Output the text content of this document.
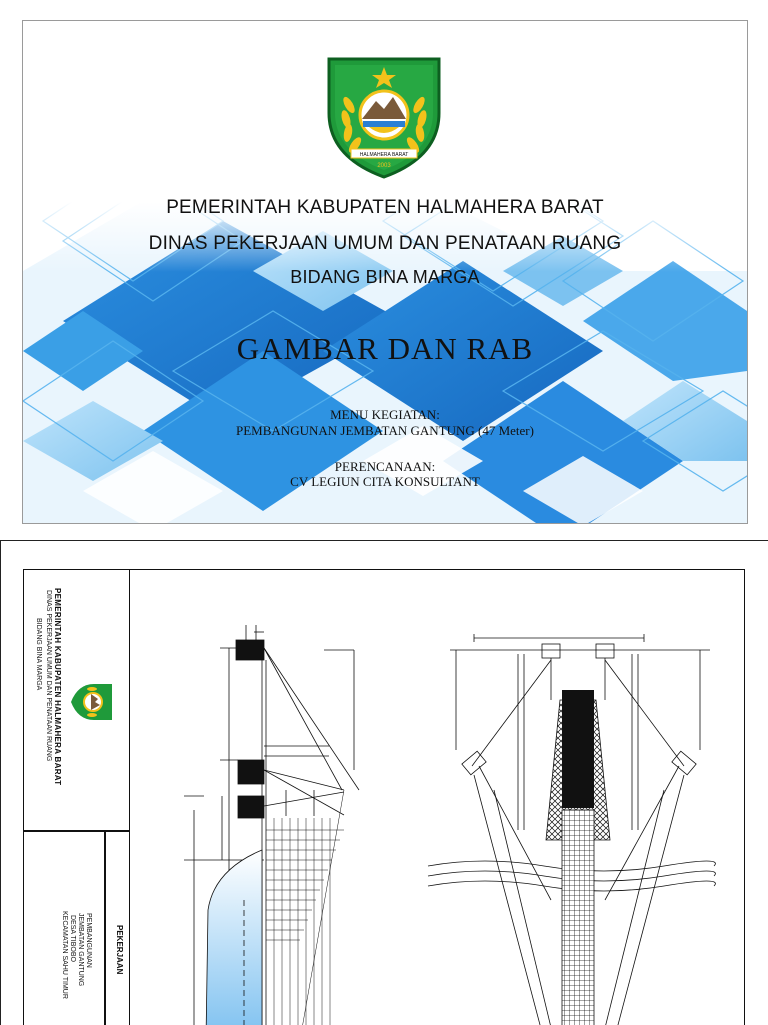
HALMAHERA BARAT
2003
PEMERINTAH KABUPATEN HALMAHERA BARAT
DINAS PEKERJAAN UMUM DAN PENATAAN RUANG
BIDANG BINA MARGA
GAMBAR DAN RAB
MENU KEGIATAN:
PEMBANGUNAN JEMBATAN GANTUNG (47 Meter)
PERENCANAAN:
CV LEGIUN CITA KONSULTANT
PEMERINTAH KABUPATEN HALMAHERA BARAT
DINAS PEKERJAAN UMUM DAN PENATAAN RUANG
BIDANG BINA MARGA
PEKERJAAN
PEMBANGUNAN
JEMBATAN GANTUNG
DESA TIBOBO
KECAMATAN SAHU TIMUR
